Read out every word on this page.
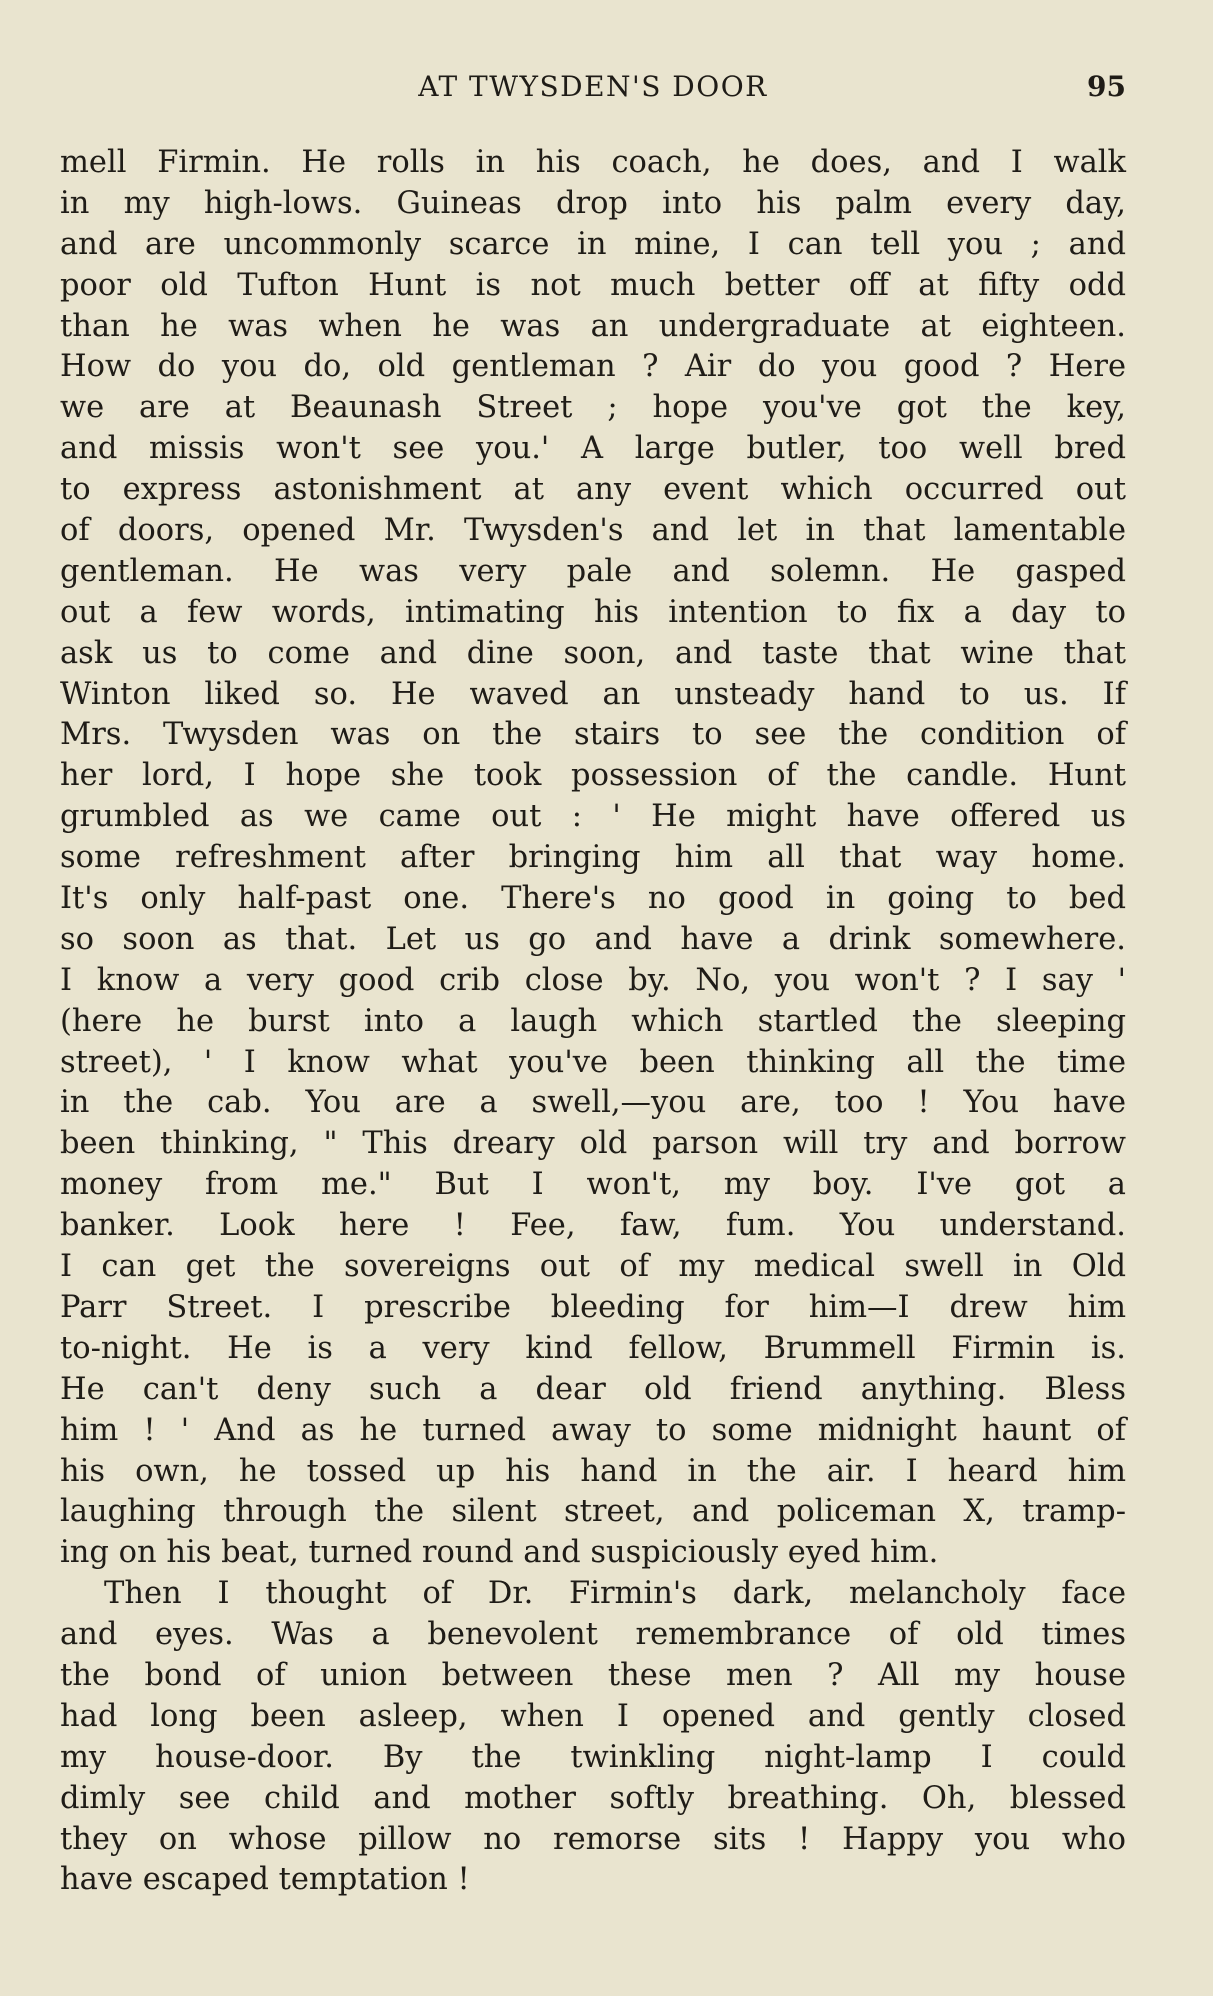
AT TWYSDEN'S DOOR	95
mell Firmin. He rolls in his coach, he does, and I walk
in my high-lows. Guineas drop into his palm every day,
and are uncommonly scarce in mine, I can tell you ; and
poor old Tufton Hunt is not much better off at fifty odd
than he was when he was an undergraduate at eighteen.
How do you do, old gentleman ? Air do you good ? Here
we are at Beaunash Street ; hope you've got the key,
and missis won't see you.' A large butler, too well bred
to express astonishment at any event which occurred out
of doors, opened Mr. Twysden's and let in that lamentable
gentleman. He was very pale and solemn. He gasped
out a few words, intimating his intention to fix a day to
ask us to come and dine soon, and taste that wine that
Winton liked so. He waved an unsteady hand to us. If
Mrs. Twysden was on the stairs to see the condition of
her lord, I hope she took possession of the candle. Hunt
grumbled as we came out : ' He might have offered us
some refreshment after bringing him all that way home.
It's only half-past one. There's no good in going to bed
so soon as that. Let us go and have a drink somewhere.
I know a very good crib close by. No, you won't ? I say '
(here he burst into a laugh which startled the sleeping
street), ' I know what you've been thinking all the time
in the cab. You are a swell,—you are, too ! You have
been thinking, " This dreary old parson will try and borrow
money from me." But I won't, my boy. I've got a
banker. Look here ! Fee, faw, fum. You understand.
I can get the sovereigns out of my medical swell in Old
Parr Street. I prescribe bleeding for him—I drew him
to-night. He is a very kind fellow, Brummell Firmin is.
He can't deny such a dear old friend anything. Bless
him ! ' And as he turned away to some midnight haunt of
his own, he tossed up his hand in the air. I heard him
laughing through the silent street, and policeman X, tramp-
ing on his beat, turned round and suspiciously eyed him.
Then I thought of Dr. Firmin's dark, melancholy face
and eyes. Was a benevolent remembrance of old times
the bond of union between these men ? All my house
had long been asleep, when I opened and gently closed
my house-door. By the twinkling night-lamp I could
dimly see child and mother softly breathing. Oh, blessed
they on whose pillow no remorse sits ! Happy you who
have escaped temptation !
